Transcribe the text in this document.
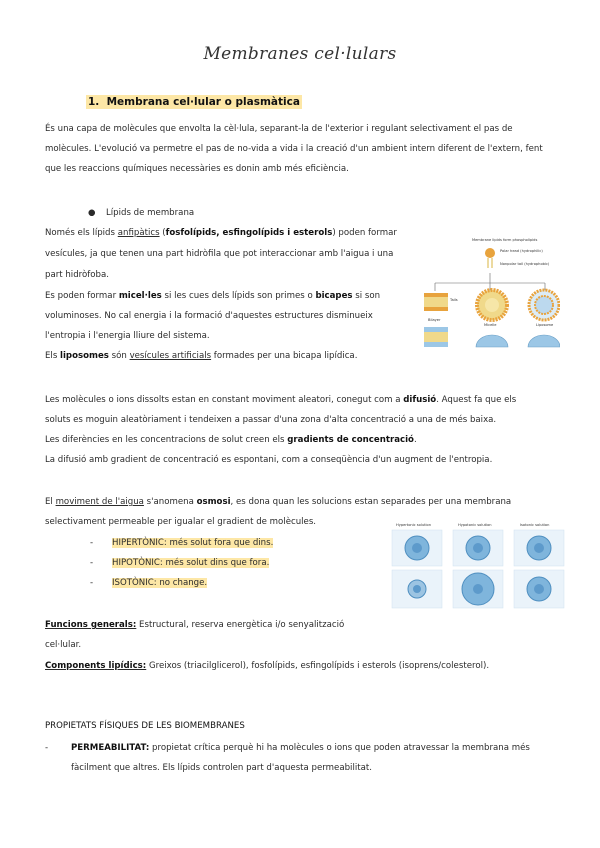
Membranes cel·lulars
1. Membrana cel·lular o plasmàtica
És una capa de molècules que envolta la cèl·lula, separant-la de l'exterior i regulant selectivament el pas de
molècules. L'evolució va permetre el pas de no-vida a vida i la creació d'un ambient intern diferent de l'extern, fent
que les reaccions químiques necessàries es donin amb més eficiència.
● Lípids de membrana
Només els lípids anfipàtics (fosfolípids, esfingolípids i esterols) poden formar
vesícules, ja que tenen una part hidròfila que pot interaccionar amb l'aigua i una
part hidròfoba.
Es poden formar micel·les si les cues dels lípids son primes o bicapes si son
voluminoses. No cal energia i la formació d'aquestes estructures disminueix
l'entropia i l'energia lliure del sistema.
Els liposomes són vesícules artificials formades per una bicapa lipídica.
Membrane lipids form phospholipids
Polar head (hydrophilic)
Nonpolar tail (hydrophobic)
Tails
Bilayer
Micelle	Liposome
Les molècules o ions dissolts estan en constant moviment aleatori, conegut com a difusió. Aquest fa que els
soluts es moguin aleatòriament i tendeixen a passar d'una zona d'alta concentració a una de més baixa.
Les diferències en les concentracions de solut creen els gradients de concentració.
La difusió amb gradient de concentració es espontani, com a conseqüència d'un augment de l'entropia.
El moviment de l'aigua s'anomena osmosi, es dona quan les solucions estan separades per una membrana
selectivament permeable per igualar el gradient de molècules.
- HIPERTÒNIC: més solut fora que dins.
- HIPOTÒNIC: més solut dins que fora.
- ISOTÒNIC: no change.
Hypertonic solution	Hypotonic solution	Isotonic solution
Funcions generals: Estructural, reserva energètica i/o senyalització
cel·lular.
Components lipídics: Greixos (triacilglicerol), fosfolípids, esfingolípids i esterols (isoprens/colesterol).
PROPIETATS FÍSIQUES DE LES BIOMEMBRANES
-	PERMEABILITAT: propietat crítica perquè hi ha molècules o ions que poden atravessar la membrana més
fàcilment que altres. Els lípids controlen part d'aquesta permeabilitat.
